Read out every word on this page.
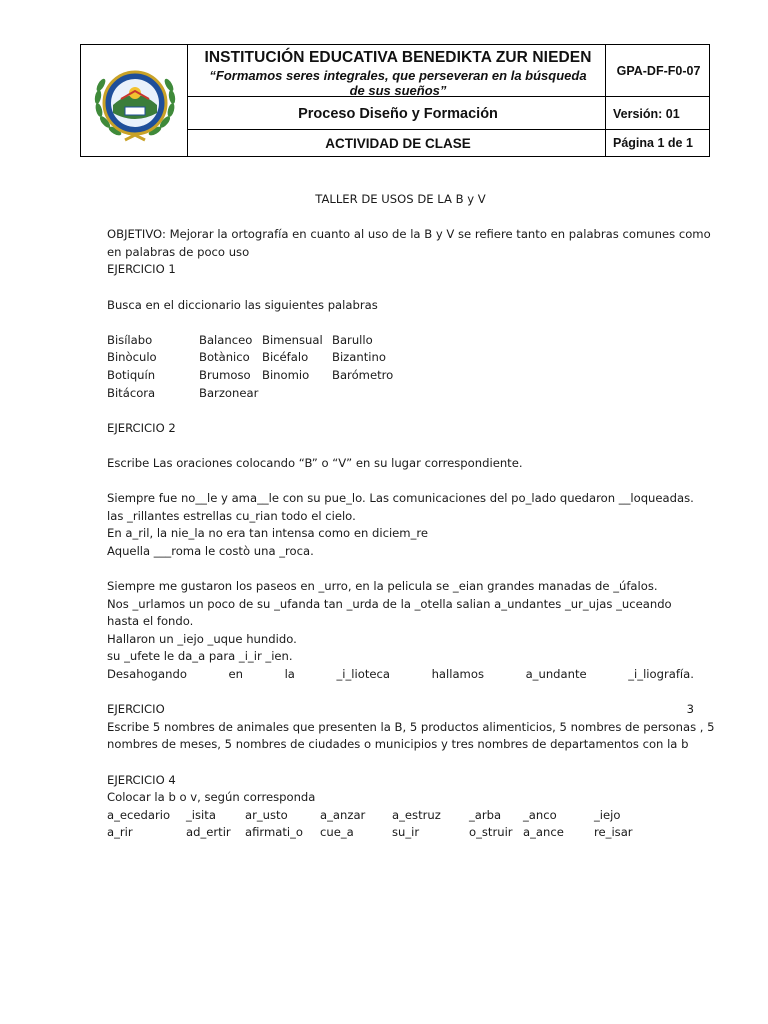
INSTITUCIÓN EDUCATIVA BENEDIKTA ZUR NIEDEN
“Formamos seres integrales, que perseveran en la búsqueda
de sus sueños”
GPA-DF-F0-07
Proceso Diseño y Formación	Versión: 01
ACTIVIDAD DE CLASE	Página 1 de 1
TALLER DE USOS DE LA B y V
OBJETIVO: Mejorar la ortografía en cuanto al uso de la B y V se refiere tanto en palabras comunes como
en palabras de poco uso
EJERCICIO 1
Busca en el diccionario las siguientes palabras
Bisílabo	Balanceo Bimensual Barullo
Binòculo	Botànico Bicéfalo Bizantino
Botiquín	Brumoso Binomio Barómetro
Bitácora	Barzonear
EJERCICIO 2
Escribe Las oraciones colocando “B” o “V” en su lugar correspondiente.
Siempre fue no__le y ama__le con su pue_lo. Las comunicaciones del po_lado quedaron __loqueadas.
las _rillantes estrellas cu_rian todo el cielo.
En a_ril, la nie_la no era tan intensa como en diciem_re
Aquella ___roma le costò una _roca.
Siempre me gustaron los paseos en _urro, en la pelicula se _eian grandes manadas de _úfalos.
Nos _urlamos un poco de su _ufanda tan _urda de la _otella salian a_undantes _ur_ujas _uceando
hasta el fondo.
Hallaron un _iejo _uque hundido.
su _ufete le da_a para _i_ir _ien.
Desahogando	en	la	_i_lioteca	hallamos	a_undante	_i_liografía.
EJERCICIO	3
Escribe 5 nombres de animales que presenten la B, 5 productos alimenticios, 5 nombres de personas , 5
nombres de meses, 5 nombres de ciudades o municipios y tres nombres de departamentos con la b
EJERCICIO 4
Colocar la b o v, según corresponda
a_ecedario _isita	ar_usto	a_anzar a_estruz _arba _anco	_iejo
a_rir	ad_ertir afirmati_o cue_a	su_ir	o_struir a_ance	re_isar
